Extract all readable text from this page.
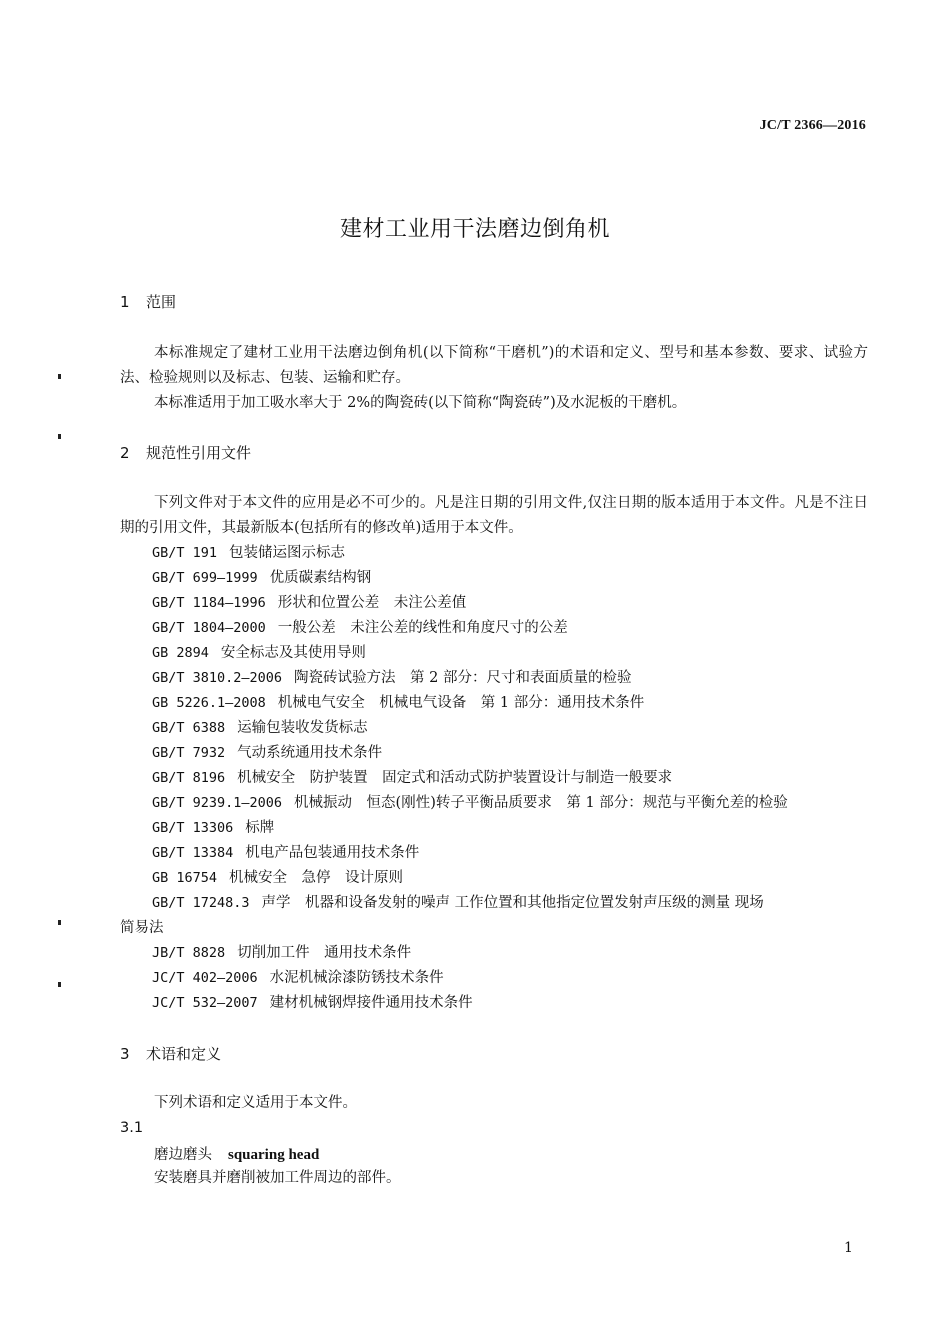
JC/T 2366—2016
建材工业用干法磨边倒角机
1 范围
本标准规定了建材工业用干法磨边倒角机(以下简称“干磨机”)的术语和定义、型号和基本参数、要求、试验方法、检验规则以及标志、包装、运输和贮存。
本标准适用于加工吸水率大于 2%的陶瓷砖(以下简称“陶瓷砖”)及水泥板的干磨机。
2 规范性引用文件
下列文件对于本文件的应用是必不可少的。凡是注日期的引用文件,仅注日期的版本适用于本文件。凡是不注日期的引用文件，其最新版本(包括所有的修改单)适用于本文件。
GB/T 191 包装储运图示标志
GB/T 699—1999 优质碳素结构钢
GB/T 1184—1996 形状和位置公差　未注公差值
GB/T 1804—2000 一般公差　未注公差的线性和角度尺寸的公差
GB 2894 安全标志及其使用导则
GB/T 3810.2—2006 陶瓷砖试验方法　第 2 部分：尺寸和表面质量的检验
GB 5226.1—2008 机械电气安全　机械电气设备　第 1 部分：通用技术条件
GB/T 6388 运输包装收发货标志
GB/T 7932 气动系统通用技术条件
GB/T 8196 机械安全　防护装置　固定式和活动式防护装置设计与制造一般要求
GB/T 9239.1—2006 机械振动　恒态(刚性)转子平衡品质要求　第 1 部分：规范与平衡允差的检验
GB/T 13306 标牌
GB/T 13384 机电产品包装通用技术条件
GB 16754 机械安全　急停　设计原则
GB/T 17248.3 声学　机器和设备发射的噪声 工作位置和其他指定位置发射声压级的测量 现场
简易法
JB/T 8828 切削加工件　通用技术条件
JC/T 402—2006 水泥机械涂漆防锈技术条件
JC/T 532—2007 建材机械钢焊接件通用技术条件
3 术语和定义
下列术语和定义适用于本文件。
3.1
磨边磨头 squaring head
安装磨具并磨削被加工件周边的部件。
1
